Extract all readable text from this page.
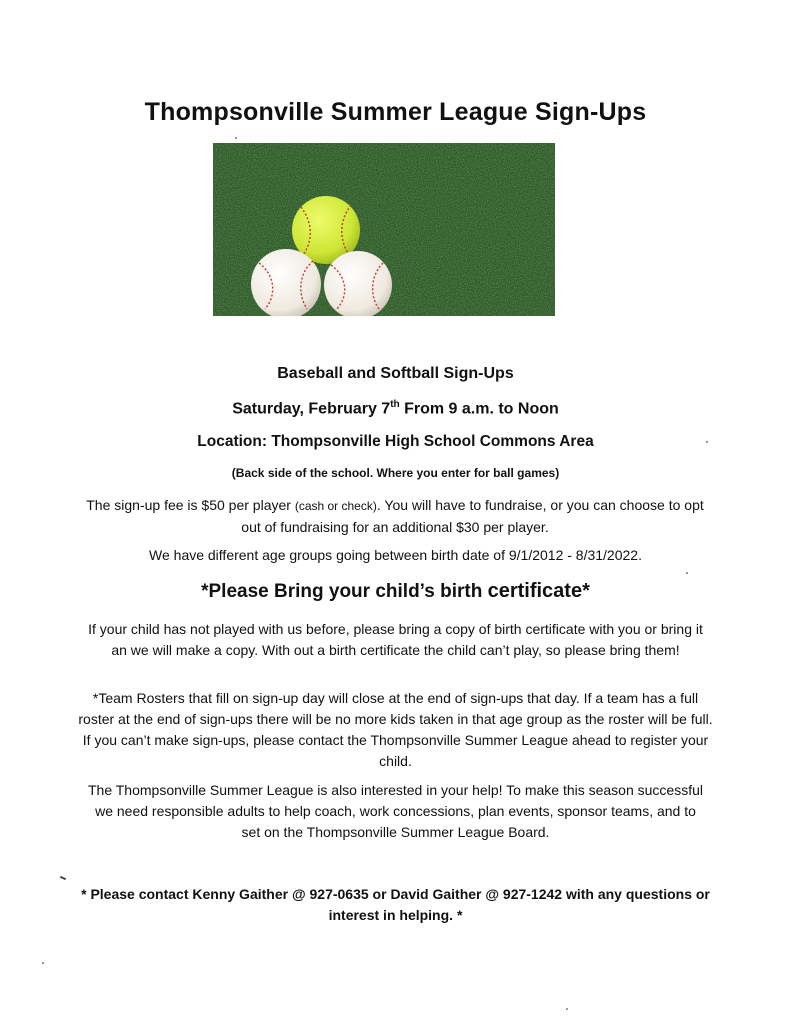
Thompsonville Summer League Sign-Ups
Baseball and Softball Sign-Ups
Saturday, February 7th From 9 a.m. to Noon
Location: Thompsonville High School Commons Area
(Back side of the school. Where you enter for ball games)
The sign-up fee is $50 per player (cash or check). You will have to fundraise, or you can choose to opt out of fundraising for an additional $30 per player.
We have different age groups going between birth date of 9/1/2012 - 8/31/2022.
*Please Bring your child’s birth certificate*
If your child has not played with us before, please bring a copy of birth certificate with you or bring it an we will make a copy. With out a birth certificate the child can’t play, so please bring them!
*Team Rosters that fill on sign-up day will close at the end of sign-ups that day. If a team has a full roster at the end of sign-ups there will be no more kids taken in that age group as the roster will be full. If you can’t make sign-ups, please contact the Thompsonville Summer League ahead to register your child.
The Thompsonville Summer League is also interested in your help! To make this season successful we need responsible adults to help coach, work concessions, plan events, sponsor teams, and to set on the Thompsonville Summer League Board.
* Please contact Kenny Gaither @ 927-0635 or David Gaither @ 927-1242 with any questions or interest in helping. *
